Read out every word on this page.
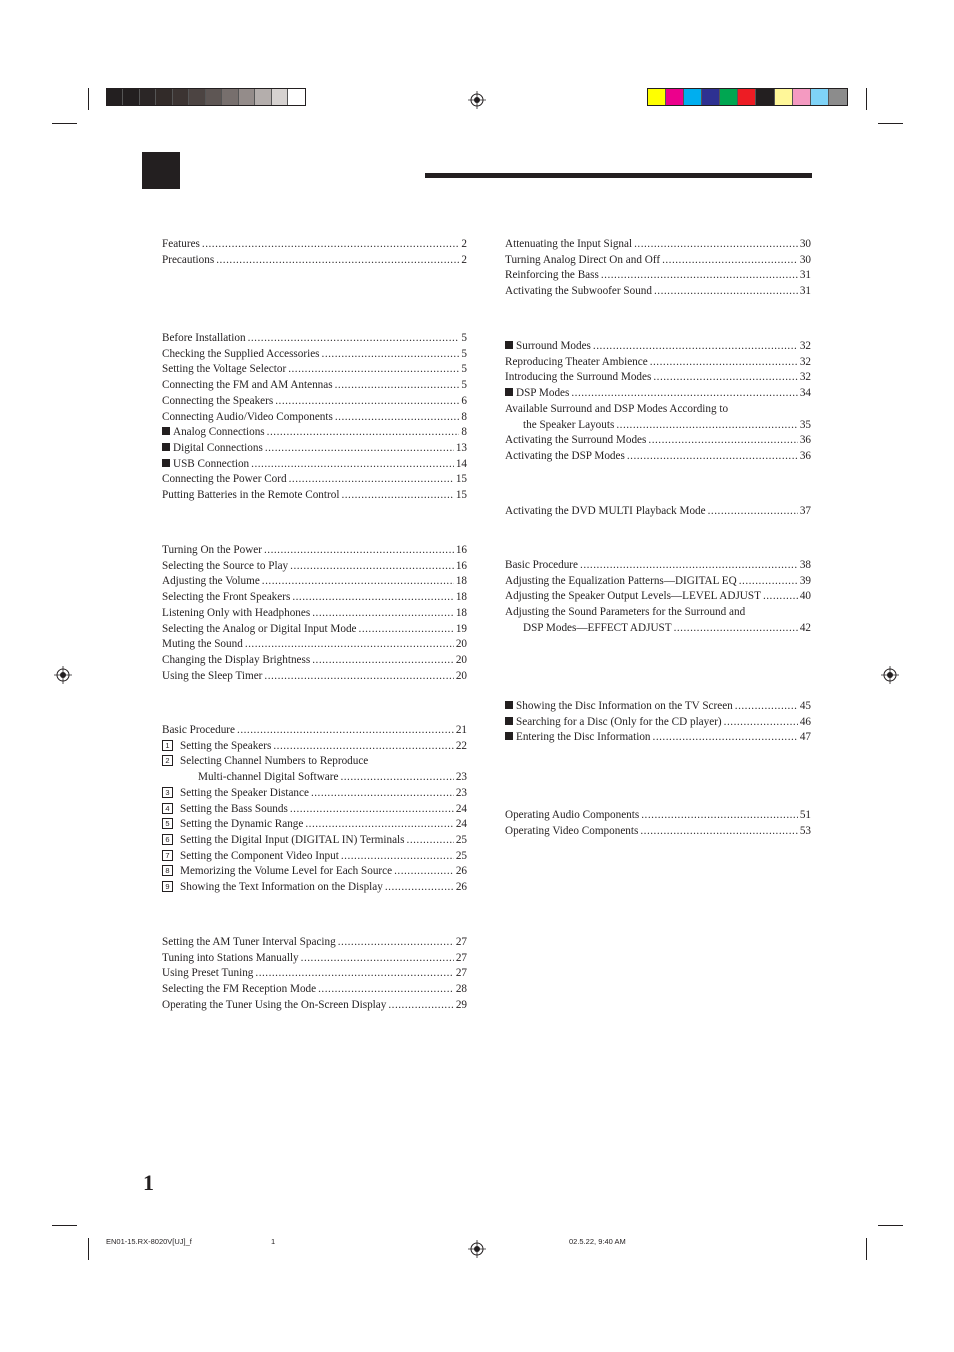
Features .....	2
Precautions .....	2
Before Installation .....	5
Checking the Supplied Accessories .....	5
Setting the Voltage Selector .....	5
Connecting the FM and AM Antennas .....	5
Connecting the Speakers .....	6
Connecting Audio/Video Components .....	8
Analog Connections .....	8
Digital Connections .....	13
USB Connection .....	14
Connecting the Power Cord .....	15
Putting Batteries in the Remote Control .....	15
Turning On the Power .....	16
Selecting the Source to Play .....	16
Adjusting the Volume .....	18
Selecting the Front Speakers .....	18
Listening Only with Headphones .....	18
Selecting the Analog or Digital Input Mode .....	19
Muting the Sound .....	20
Changing the Display Brightness .....	20
Using the Sleep Timer .....	20
Basic Procedure .....	21
1 Setting the Speakers .....	22
2 Selecting Channel Numbers to Reproduce
Multi-channel Digital Software .....	23
3 Setting the Speaker Distance .....	23
4 Setting the Bass Sounds .....	24
5 Setting the Dynamic Range .....	24
6 Setting the Digital Input (DIGITAL IN) Terminals .....	25
7 Setting the Component Video Input .....	25
8 Memorizing the Volume Level for Each Source .....	26
9 Showing the Text Information on the Display .....	26
Setting the AM Tuner Interval Spacing .....	27
Tuning into Stations Manually .....	27
Using Preset Tuning .....	27
Selecting the FM Reception Mode .....	28
Operating the Tuner Using the On-Screen Display .....	29
Attenuating the Input Signal .....	30
Turning Analog Direct On and Off .....	30
Reinforcing the Bass .....	31
Activating the Subwoofer Sound .....	31
Surround Modes .....	32
Reproducing Theater Ambience .....	32
Introducing the Surround Modes .....	32
DSP Modes .....	34
Available Surround and DSP Modes According to
the Speaker Layouts .....	35
Activating the Surround Modes .....	36
Activating the DSP Modes .....	36
Activating the DVD MULTI Playback Mode .....	37
Basic Procedure .....	38
Adjusting the Equalization Patterns—DIGITAL EQ .....	39
Adjusting the Speaker Output Levels—LEVEL ADJUST .....	40
Adjusting the Sound Parameters for the Surround and
DSP Modes—EFFECT ADJUST .....	42
Showing the Disc Information on the TV Screen .....	45
Searching for a Disc (Only for the CD player) .....	46
Entering the Disc Information .....	47
Operating Audio Components .....	51
Operating Video Components .....	53
1
EN01-15.RX-8020V[UJ]_f	1	02.5.22, 9:40 AM
